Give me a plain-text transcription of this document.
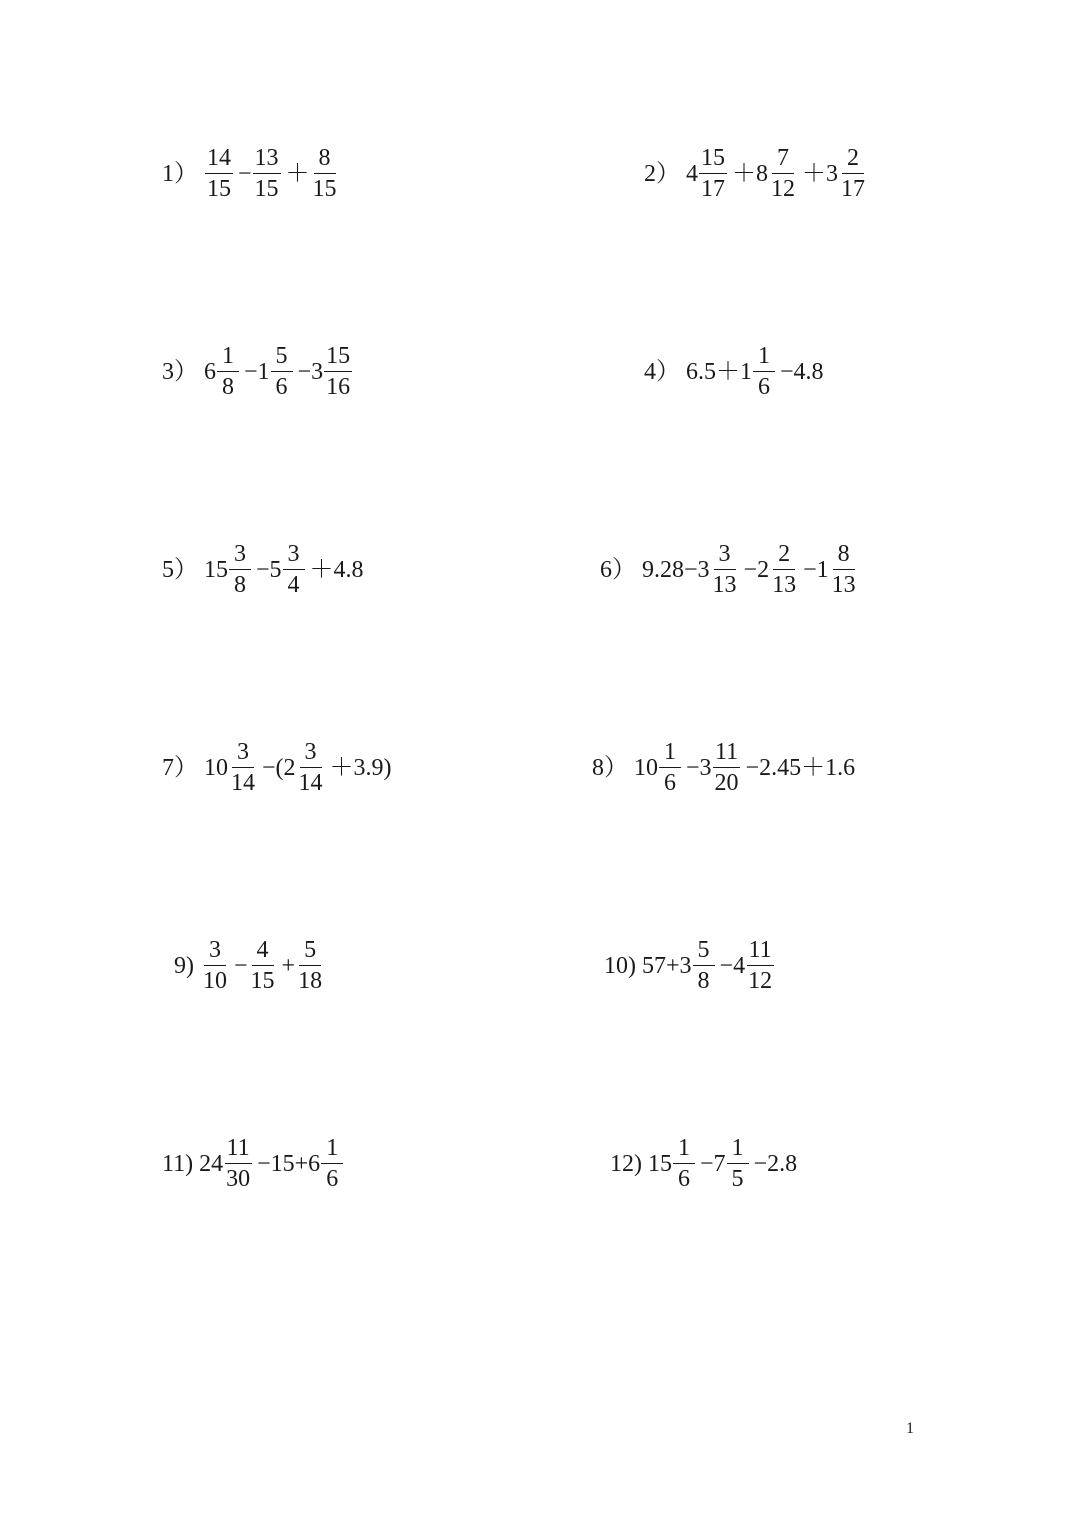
$1) \frac{14}{15} - \frac{13}{15} + \frac{8}{15}$	2） $4 \frac{15}{17} +8 \frac{7}{12} +3 \frac{2}{17}$
3） $6 \frac{1}{8} -1 \frac{5}{6} -3 \frac{15}{16}$	4） $6.5+1 \frac{1}{6} -4.8$
5） $15 \frac{3}{8} -5 \frac{3}{4} +4.8$	6） $9.28-3 \frac{3}{13} -2 \frac{2}{13} -1 \frac{8}{13}$
7） $10 \frac{3}{14} -(2 \frac{3}{14} +3.9)$	8） $10 \frac{1}{6} -3 \frac{11}{20} -2.45+1.6$
$9) \frac{3}{10} - \frac{4}{15} + \frac{5}{18}$	10) $57+3 \frac{5}{8} -4 \frac{11}{12}$
11) $24 \frac{11}{30} -15+6 \frac{1}{6}$	12) $15 \frac{1}{6} -7 \frac{1}{5} -2.8$
1
